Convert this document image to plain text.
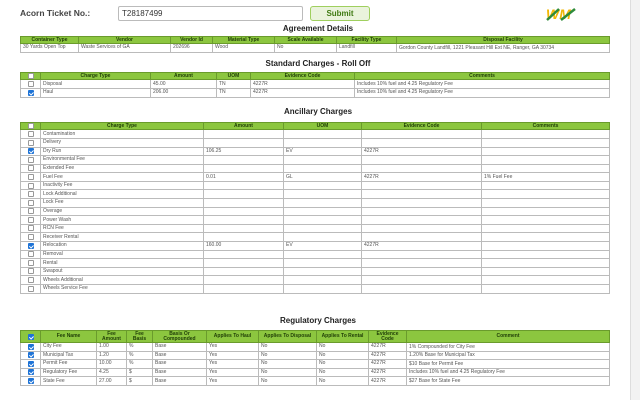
Acorn Ticket No.:
T28187499	Submit	WM
Agreement Details
Container Type	Vendor	Vendor Id	Material Type	Scale Available	Facility Type	Disposal Facility
30 Yards Open Top	Waste Services of GA	202696	Wood	No	Landfill	Gordon County Landfill, 1221 Pleasant Hill Ext NE, Ranger, GA 30734
Standard Charges - Roll Off
	Charge Type	Amount	UOM	Evidence Code	Comments
	Disposal	45.00	TN	4227R	Includes 10% fuel and 4.25 Regulatory Fee
	Haul	206.00	TN	4227R	Includes 10% fuel and 4.25 Regulatory Fee
Ancillary Charges
	Charge Type	Amount	UOM	Evidence Code	Comments
	Contamination				
	Delivery				
	Dry Run	106.25	EV	4227R	
	Environmental Fee				
	Extended Fee				
	Fuel Fee	0.01	GL	4227R	1% Fuel Fee
	Inactivity Fee				
	Lock Additional				
	Lock Fee				
	Overage				
	Power Wash				
	RCN Fee				
	Receiver Rental				
	Relocation	160.00	EV	4227R	
	Removal				
	Rental				
	Swapout				
	Wheels Additional				
	Wheels Service Fee				
Regulatory Charges
	Fee Name	Fee Amount	Fee Basis	Basis Or Compounded	Applies To Haul	Applies To Disposal	Applies To Rental	Evidence Code	Comment
	City Fee	1.00	%	Base	Yes	No	No	4227R	1% Compounded for City Fee
	Municipal Tax	1.20	%	Base	Yes	No	No	4227R	1.20% Base for Municipal Tax
	Permit Fee	10.00	%	Base	Yes	No	No	4227R	$10 Base for Permit Fee
	Regulatory Fee	4.25	$	Base	Yes	No	No	4227R	Includes 10% fuel and 4.25 Regulatory Fee
	State Fee	27.00	$	Base	Yes	No	No	4227R	$27 Base for State Fee
